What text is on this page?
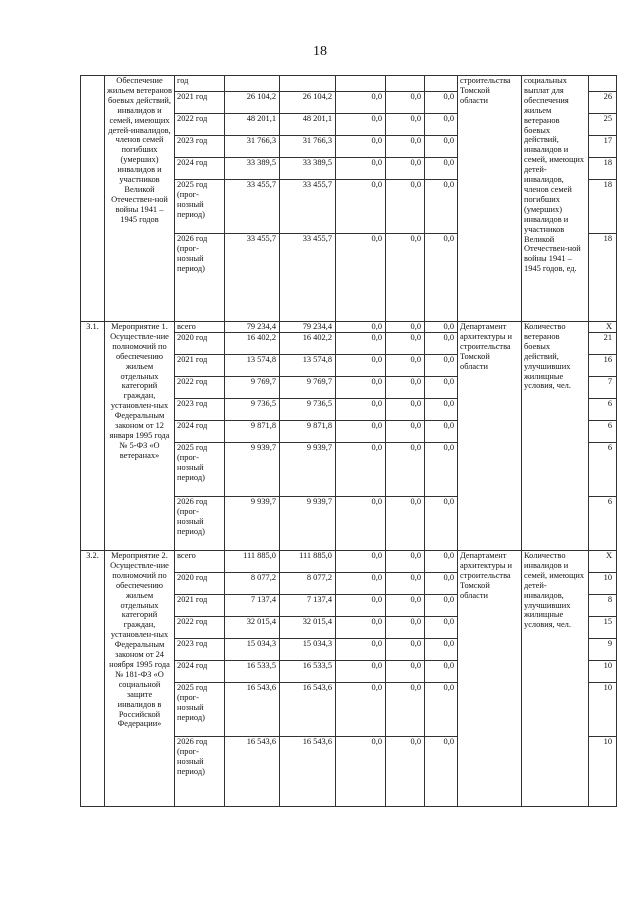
18
	Обеспечение жильем ветеранов боевых действий, инвалидов и семей, имеющих детей-инвалидов, членов семей погибших (умерших) инвалидов и участников Великой Отечествен-ной войны 1941 – 1945 годов	год						строительства Томской области	социальных выплат для обеспечения жильем ветеранов боевых действий, инвалидов и семей, имеющих детей-инвалидов, членов семей погибших (умерших) инвалидов и участников Великой Отечествен-ной войны 1941 – 1945 годов, ед.	
		2021 год	26 104,2	26 104,2	0,0	0,0	0,0			26
		2022 год	48 201,1	48 201,1	0,0	0,0	0,0			25
		2023 год	31 766,3	31 766,3	0,0	0,0	0,0			17
		2024 год	33 389,5	33 389,5	0,0	0,0	0,0			18
		2025 год (прог-нозный период)	33 455,7	33 455,7	0,0	0,0	0,0			18
		2026 год (прог-нозный период)	33 455,7	33 455,7	0,0	0,0	0,0			18
3.1.	Мероприятие 1. Осуществле-ние полномочий по обеспечению жильем отдельных категорий граждан, установлен-ных Федеральным законом от 12 января 1995 года № 5-ФЗ «О ветеранах»	всего	79 234,4	79 234,4	0,0	0,0	0,0	Департамент архитектуры и строительства Томской области	Количество ветеранов боевых действий, улучшивших жилищные условия, чел.	Х
		2020 год	16 402,2	16 402,2	0,0	0,0	0,0			21
		2021 год	13 574,8	13 574,8	0,0	0,0	0,0			16
		2022 год	9 769,7	9 769,7	0,0	0,0	0,0			7
		2023 год	9 736,5	9 736,5	0,0	0,0	0,0			6
		2024 год	9 871,8	9 871,8	0,0	0,0	0,0			6
		2025 год (прог-нозный период)	9 939,7	9 939,7	0,0	0,0	0,0			6
		2026 год (прог-нозный период)	9 939,7	9 939,7	0,0	0,0	0,0			6
3.2.	Мероприятие 2. Осуществле-ние полномочий по обеспечению жильем отдельных категорий граждан, установлен-ных Федеральным законом от 24 ноября 1995 года № 181-ФЗ «О социальной защите инвалидов в Российской Федерации»	всего	111 885,0	111 885,0	0,0	0,0	0,0	Департамент архитектуры и строительства Томской области	Количество инвалидов и семей, имеющих детей-инвалидов, улучшивших жилищные условия, чел.	Х
		2020 год	8 077,2	8 077,2	0,0	0,0	0,0			10
		2021 год	7 137,4	7 137,4	0,0	0,0	0,0			8
		2022 год	32 015,4	32 015,4	0,0	0,0	0,0			15
		2023 год	15 034,3	15 034,3	0,0	0,0	0,0			9
		2024 год	16 533,5	16 533,5	0,0	0,0	0,0			10
		2025 год (прог-нозный период)	16 543,6	16 543,6	0,0	0,0	0,0			10
		2026 год (прог-нозный период)	16 543,6	16 543,6	0,0	0,0	0,0			10
